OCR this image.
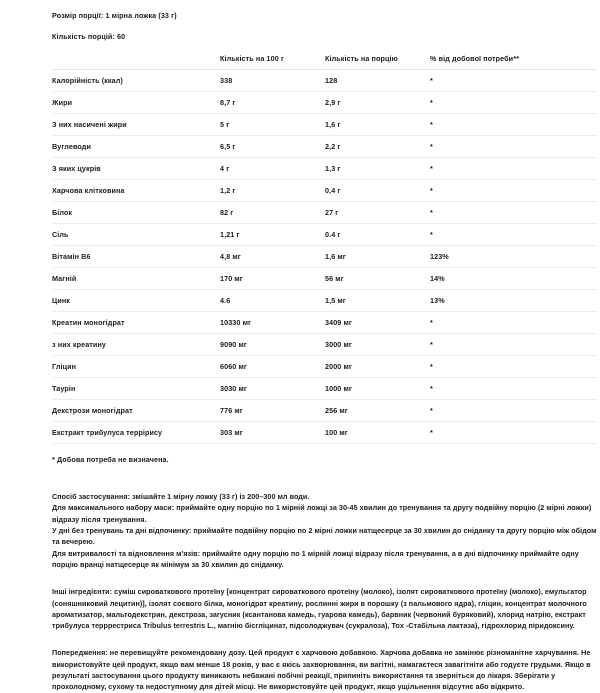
Розмір порції: 1 мірна ложка (33 г)
Кількість порцій: 60
	Кількість на 100 г	Кількість на порцію	% від добової потреби**
Калорійність (ккал)	338	128	*
Жири	8,7 г	2,9 г	*
З них насичені жири	5 г	1,6 г	*
Вуглеводи	6,5 г	2,2 г	*
З яких цукрів	4 г	1,3 г	*
Харчова клітковина	1,2 г	0,4 г	*
Білок	82 г	27 г	*
Сіль	1,21 г	0.4 г	*
Вітамін B6	4,8 мг	1,6 мг	123%
Магній	170 мг	56 мг	14%
Цинк	4.6	1,5 мг	13%
Креатин моногідрат	10330 мг	3409 мг	*
з них креатину	9090 мг	3000 мг	*
Гліцин	6060 мг	2000 мг	*
Таурін	3030 мг	1000 мг	*
Декстрози моногідрат	776 мг	256 мг	*
Екстракт трибулуса террірису	303 мг	100 мг	*
* Добова потреба не визначена.

Спосіб застосування: змішайте 1 мірну ложку (33 г) із 200–300 мл води.

Для максимального набору маси: приймайте одну порцію по 1 мірній ложці за 30-45 хвилин до тренування та другу подвійну порцію (2 мірні ложки) відразу після тренування.

У дні без тренувань та дні відпочинку: приймайте подвійну порцію по 2 мірні ложки натщесерце за 30 хвилин до сніданку та другу порцію між обідом та вечерею.

Для витривалості та відновлення м'язів: приймайте одну порцію по 1 мірній ложці відразу після тренування, а в дні відпочинку приймайте одну порцію вранці натщесерце як мінімум за 30 хвилин до сніданку.

Інші інгредієнти: суміш сироваткового протеїну [концентрат сироваткового протеїну (молоко), ізолят сироваткового протеїну (молоко), емульгатор (соняшниковий лецитин)], ізолят соєвого білка, моногідрат креатину, рослинні жири в порошку (з пальмового ядра), гліцин, концентрат молочного ароматизатор, мальтодекстрин, декстроза, загусник (ксантанова камедь, гуарова камедь), барвник (червоний буряковий), хлорид натрію, екстракт трибулуса терррестриса Tribulus terrestris L., магнію бісгліцинат, підсолоджувач (сукралоза), Tox -Стабільна лактаза), гідрохлорид піридоксину.

Попередження: не перевищуйте рекомендовану дозу. Цей продукт є харчовою добавкою. Харчова добавка не замінює різноманітне харчування. Не використовуйте цей продукт, якщо вам менше 18 років, у вас є якісь захворювання, ви вагітні, намагаєтеся завагітніти або годуєте грудьми. Якщо в результаті застосування цього продукту виникають небажані побічні реакції, припиніть використання та зверніться до лікаря. Зберігати у прохолодному, сухому та недоступному для дітей місці. Не використовуйте цей продукт, якщо ущільнення відсутнє або відкрито.
